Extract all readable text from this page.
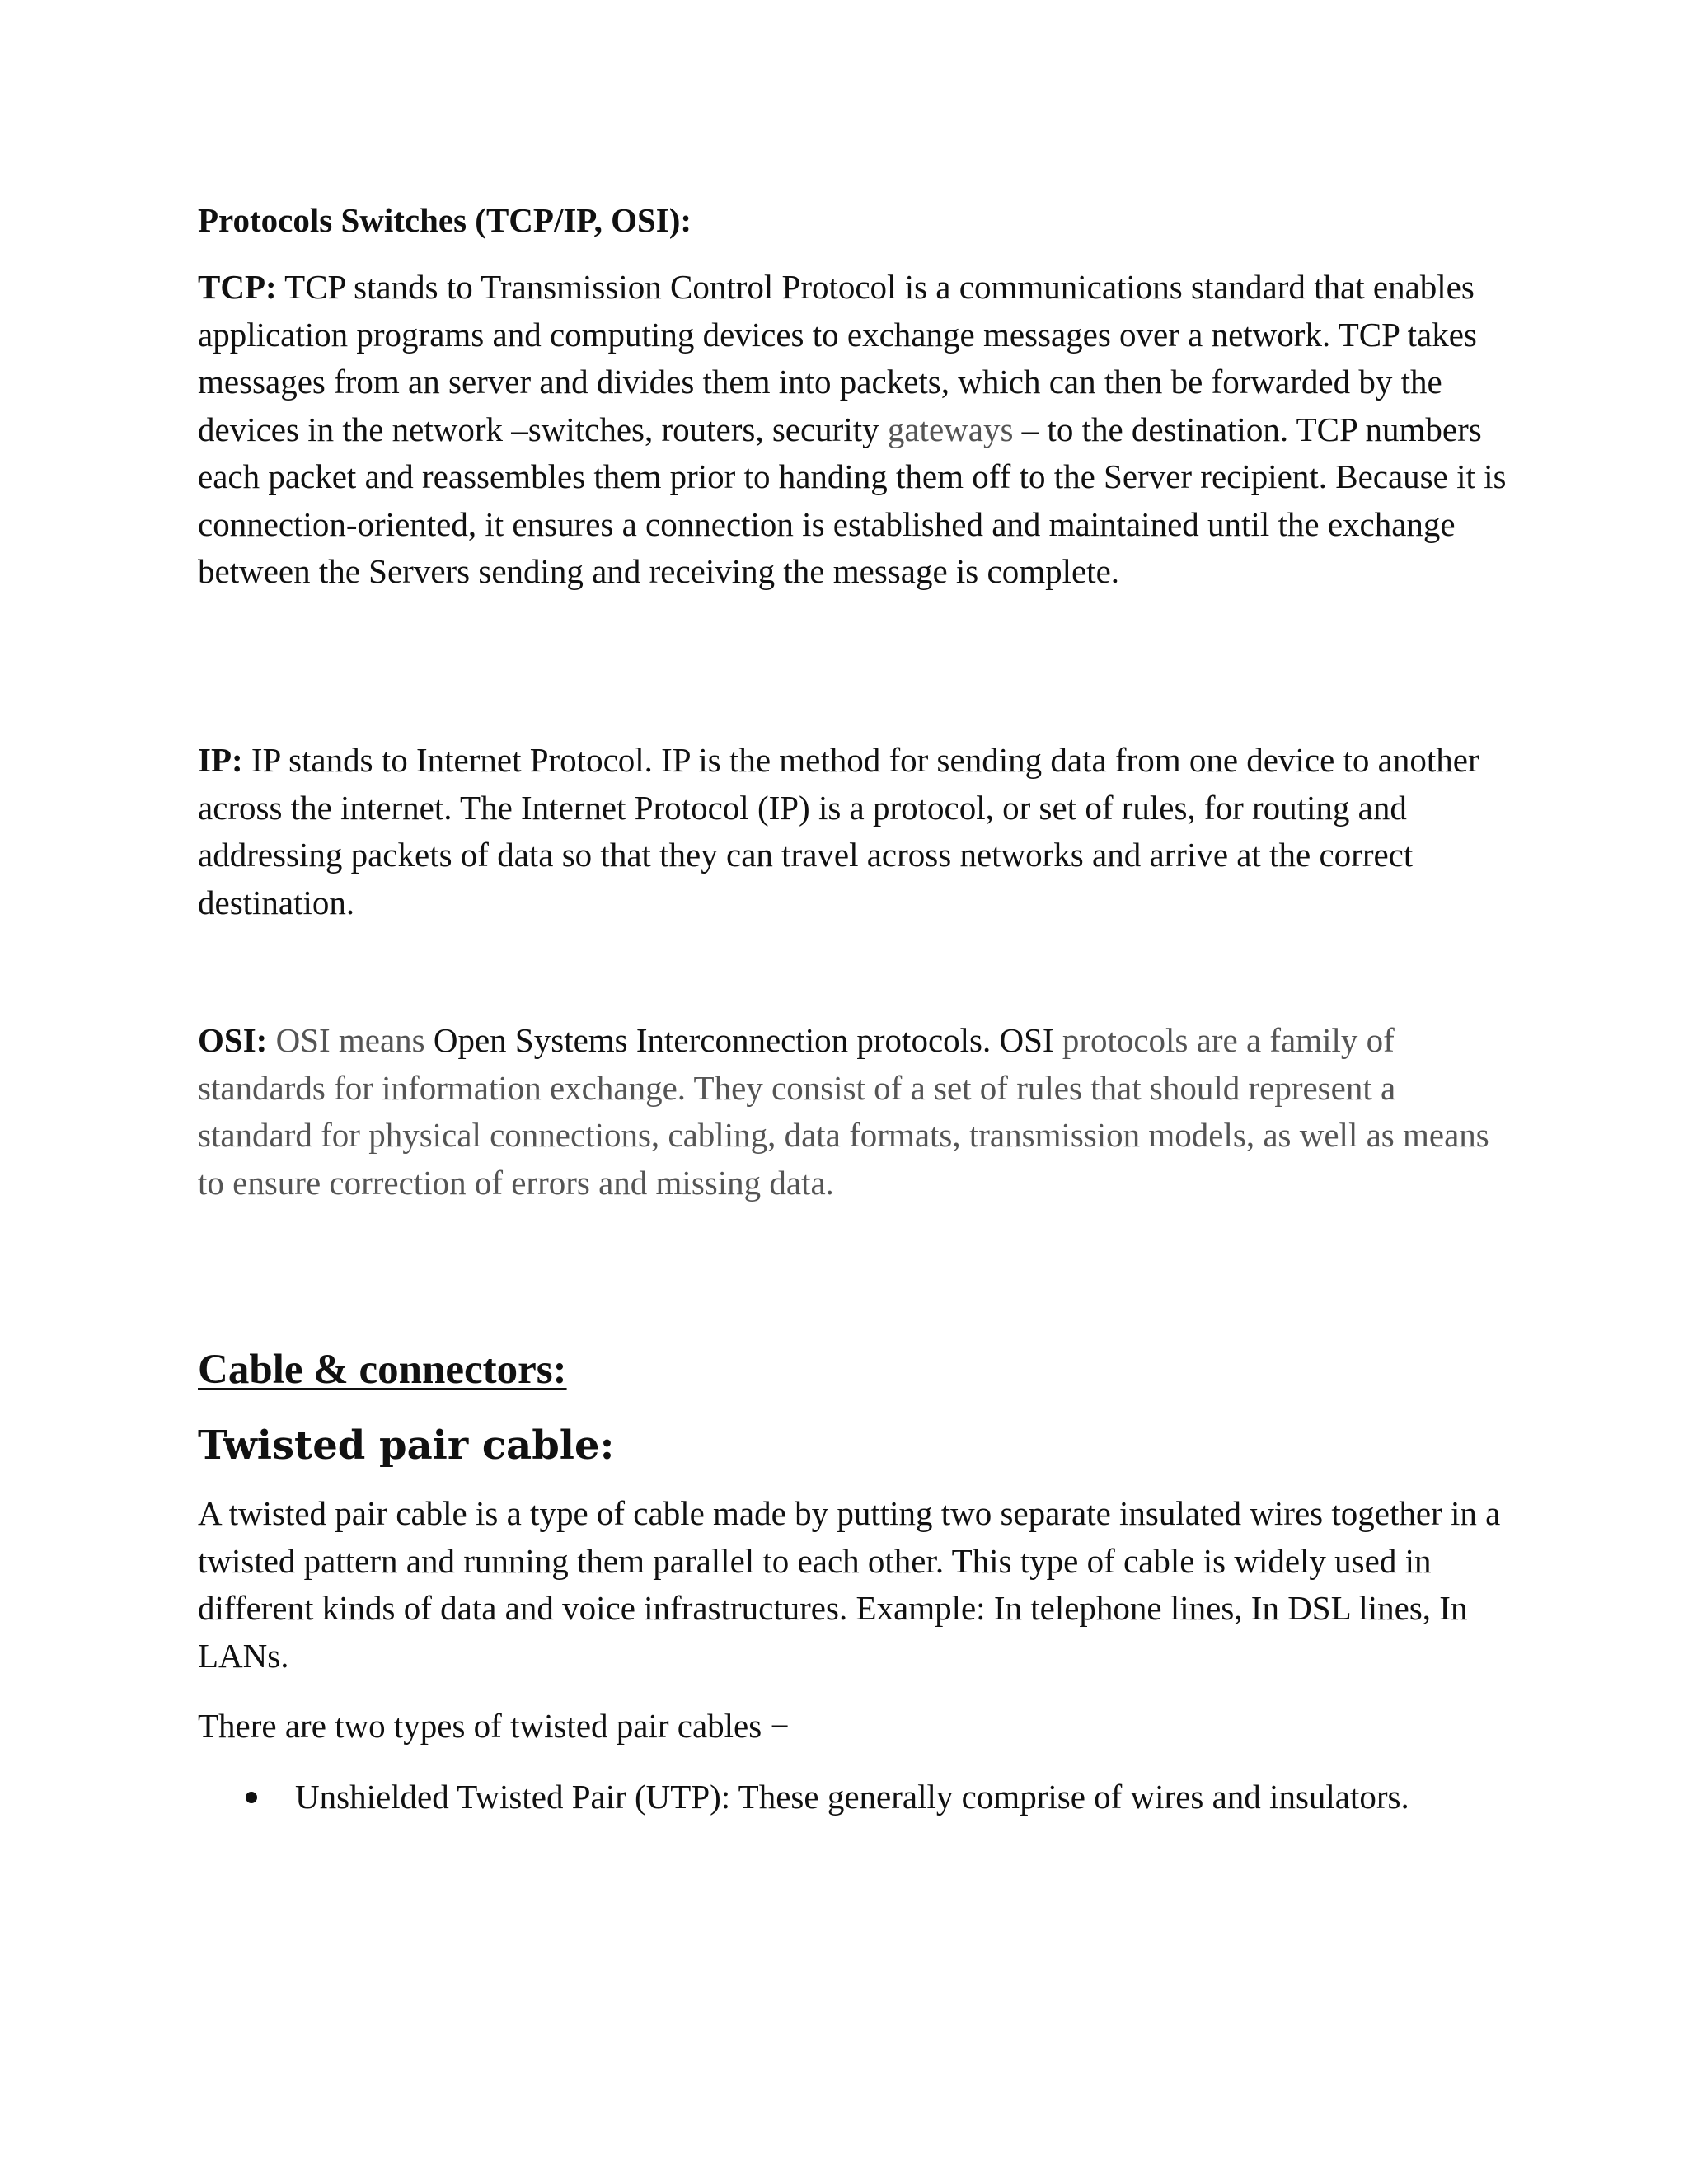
Protocols Switches (TCP/IP, OSI):

TCP: TCP stands to Transmission Control Protocol is a communications standard that enables application programs and computing devices to exchange messages over a network. TCP takes messages from an server and divides them into packets, which can then be forwarded by the devices in the network –switches, routers, security gateways – to the destination. TCP numbers each packet and reassembles them prior to handing them off to the Server recipient. Because it is connection-oriented, it ensures a connection is established and maintained until the exchange between the Servers sending and receiving the message is complete.

IP: IP stands to Internet Protocol. IP is the method for sending data from one device to another across the internet. The Internet Protocol (IP) is a protocol, or set of rules, for routing and addressing packets of data so that they can travel across networks and arrive at the correct destination.

OSI: OSI means Open Systems Interconnection protocols. OSI protocols are a family of standards for information exchange. They consist of a set of rules that should represent a standard for physical connections, cabling, data formats, transmission models, as well as means to ensure correction of errors and missing data.

Cable & connectors:

Twisted pair cable:

A twisted pair cable is a type of cable made by putting two separate insulated wires together in a twisted pattern and running them parallel to each other. This type of cable is widely used in different kinds of data and voice infrastructures. Example: In telephone lines, In DSL lines, In LANs.

There are two types of twisted pair cables −

Unshielded Twisted Pair (UTP): These generally comprise of wires and insulators.
